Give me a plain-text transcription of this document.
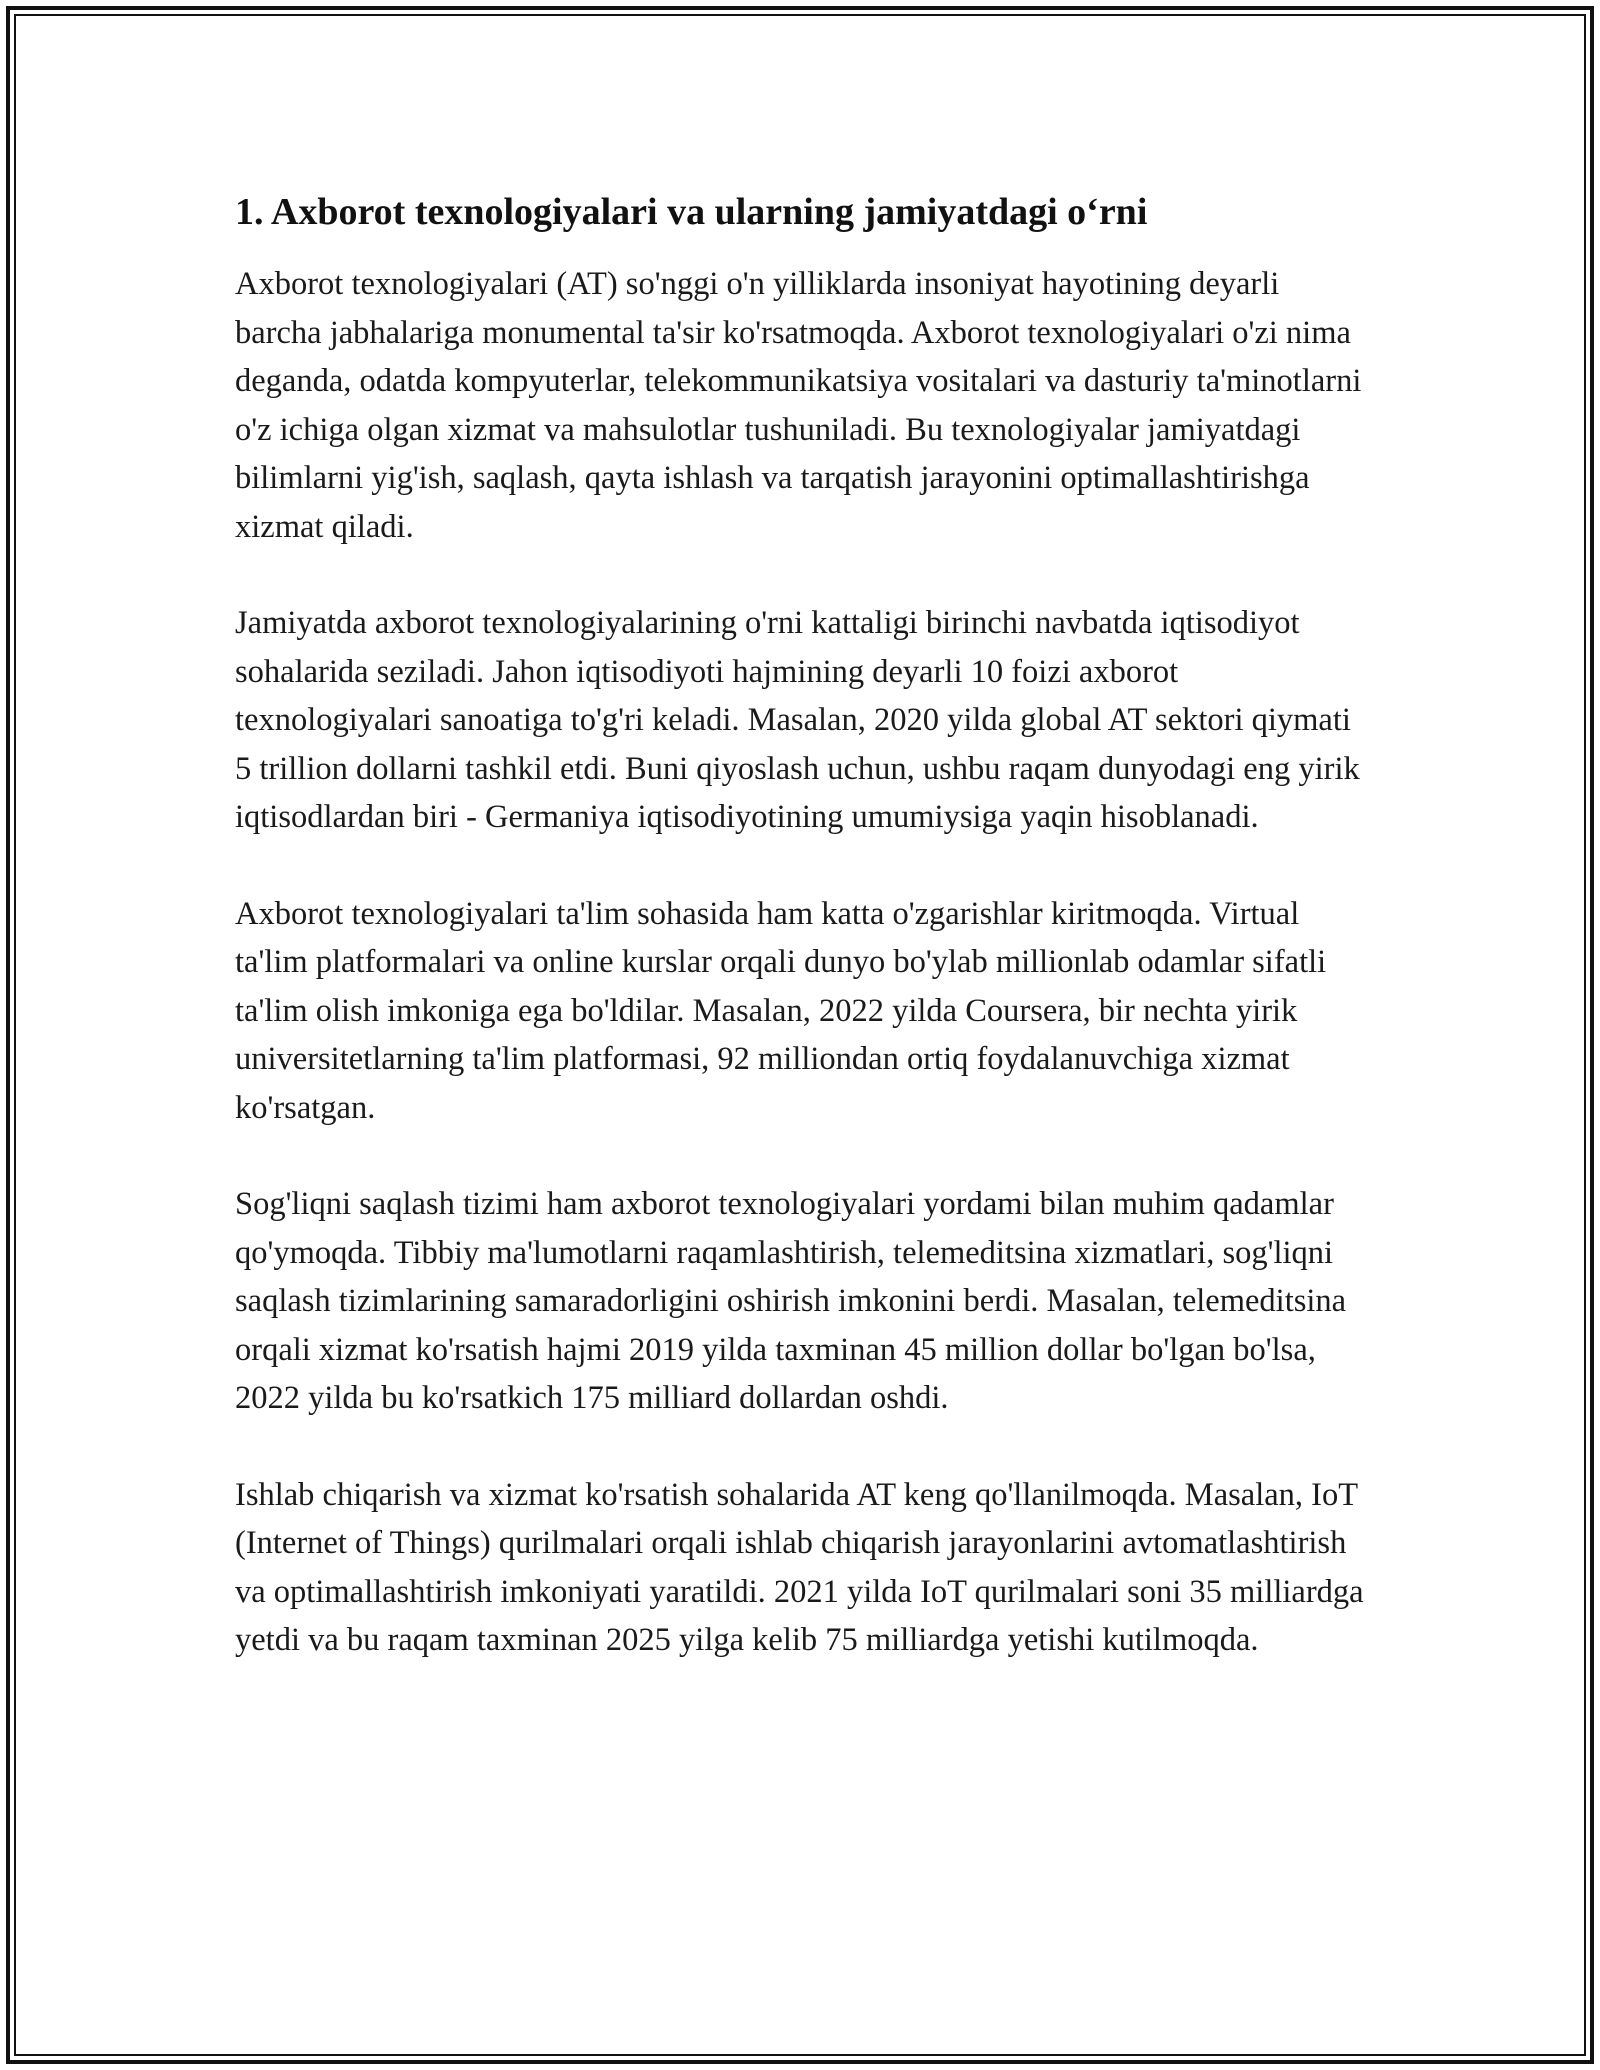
1. Axborot texnologiyalari va ularning jamiyatdagi o‘rni

Axborot texnologiyalari (AT) so'nggi o'n yilliklarda insoniyat hayotining deyarli barcha jabhalariga monumental ta'sir ko'rsatmoqda. Axborot texnologiyalari o'zi nima deganda, odatda kompyuterlar, telekommunikatsiya vositalari va dasturiy ta'minotlarni o'z ichiga olgan xizmat va mahsulotlar tushuniladi. Bu texnologiyalar jamiyatdagi bilimlarni yig'ish, saqlash, qayta ishlash va tarqatish jarayonini optimallashtirishga xizmat qiladi.

Jamiyatda axborot texnologiyalarining o'rni kattaligi birinchi navbatda iqtisodiyot sohalarida seziladi. Jahon iqtisodiyoti hajmining deyarli 10 foizi axborot texnologiyalari sanoatiga to'g'ri keladi. Masalan, 2020 yilda global AT sektori qiymati 5 trillion dollarni tashkil etdi. Buni qiyoslash uchun, ushbu raqam dunyodagi eng yirik iqtisodlardan biri - Germaniya iqtisodiyotining umumiysiga yaqin hisoblanadi.

Axborot texnologiyalari ta'lim sohasida ham katta o'zgarishlar kiritmoqda. Virtual ta'lim platformalari va online kurslar orqali dunyo bo'ylab millionlab odamlar sifatli ta'lim olish imkoniga ega bo'ldilar. Masalan, 2022 yilda Coursera, bir nechta yirik universitetlarning ta'lim platformasi, 92 milliondan ortiq foydalanuvchiga xizmat ko'rsatgan.

Sog'liqni saqlash tizimi ham axborot texnologiyalari yordami bilan muhim qadamlar qo'ymoqda. Tibbiy ma'lumotlarni raqamlashtirish, telemeditsina xizmatlari, sog'liqni saqlash tizimlarining samaradorligini oshirish imkonini berdi. Masalan, telemeditsina orqali xizmat ko'rsatish hajmi 2019 yilda taxminan 45 million dollar bo'lgan bo'lsa, 2022 yilda bu ko'rsatkich 175 milliard dollardan oshdi.

Ishlab chiqarish va xizmat ko'rsatish sohalarida AT keng qo'llanilmoqda. Masalan, IoT (Internet of Things) qurilmalari orqali ishlab chiqarish jarayonlarini avtomatlashtirish va optimallashtirish imkoniyati yaratildi. 2021 yilda IoT qurilmalari soni 35 milliardga yetdi va bu raqam taxminan 2025 yilga kelib 75 milliardga yetishi kutilmoqda.
